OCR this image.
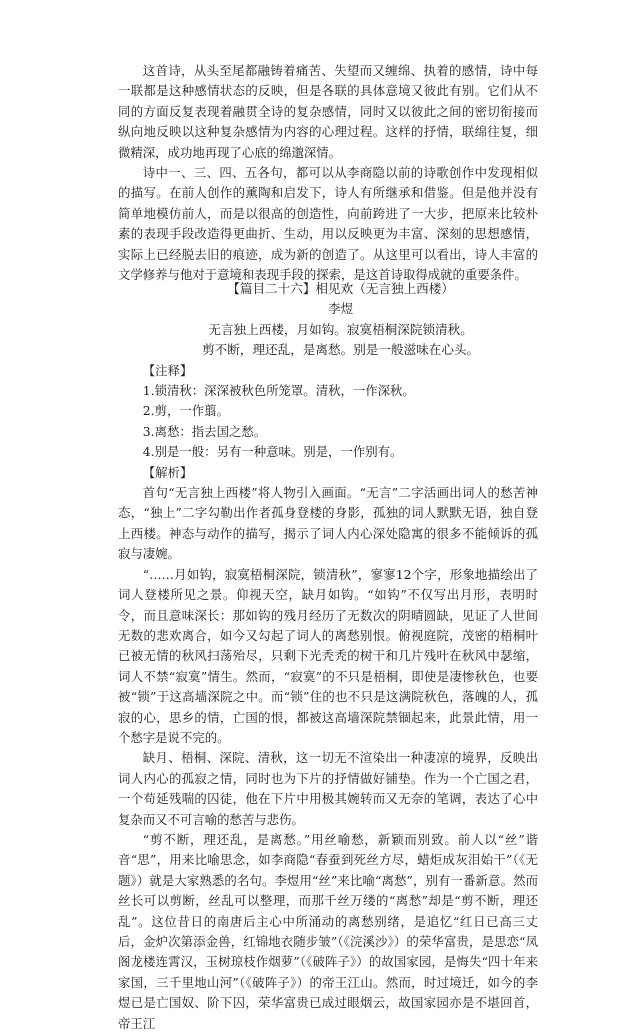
这首诗，从头至尾都融铸着痛苦、失望而又缠绵、执着的感情，诗中每一联都是这种感情状态的反映，但是各联的具体意境又彼此有别。它们从不同的方面反复表现着融贯全诗的复杂感情，同时又以彼此之间的密切衔接而纵向地反映以这种复杂感情为内容的心理过程。这样的抒情，联绵往复，细微精深，成功地再现了心底的绵邈深情。

诗中一、三、四、五各句，都可以从李商隐以前的诗歌创作中发现相似的描写。在前人创作的薰陶和启发下，诗人有所继承和借鉴。但是他并没有简单地模仿前人，而是以很高的创造性，向前跨进了一大步，把原来比较朴素的表现手段改造得更曲折、生动，用以反映更为丰富、深刻的思想感情，实际上已经脱去旧的痕迹，成为新的创造了。从这里可以看出，诗人丰富的文学修养与他对于意境和表现手段的探索，是这首诗取得成就的重要条件。

【篇目二十六】相见欢（无言独上西楼）

李煜

无言独上西楼，月如钩。寂寞梧桐深院锁清秋。

剪不断，理还乱，是离愁。别是一般滋味在心头。

【注释】

1.锁清秋：深深被秋色所笼罩。清秋，一作深秋。

2.剪，一作翦。

3.离愁：指去国之愁。

4.别是一般：另有一种意味。别是，一作别有。

【解析】

首句“无言独上西楼”将人物引入画面。“无言”二字活画出词人的愁苦神态，“独上”二字勾勒出作者孤身登楼的身影，孤独的词人默默无语，独自登上西楼。神态与动作的描写，揭示了词人内心深处隐寓的很多不能倾诉的孤寂与凄婉。

“……月如钩，寂寞梧桐深院，锁清秋”，寥寥12个字，形象地描绘出了词人登楼所见之景。仰视天空，缺月如钩。“如钩”不仅写出月形，表明时令，而且意味深长：那如钩的残月经历了无数次的阴晴圆缺，见证了人世间无数的悲欢离合，如今又勾起了词人的离愁别恨。俯视庭院，茂密的梧桐叶已被无情的秋风扫荡殆尽，只剩下光秃秃的树干和几片残叶在秋风中瑟缩，词人不禁“寂寞”情生。然而，“寂寞”的不只是梧桐，即使是凄惨秋色，也要被“锁”于这高墙深院之中。而“锁”住的也不只是这满院秋色，落魄的人，孤寂的心，思乡的情，亡国的恨，都被这高墙深院禁锢起来，此景此情，用一个愁字是说不完的。

缺月、梧桐、深院、清秋，这一切无不渲染出一种凄凉的境界，反映出词人内心的孤寂之情，同时也为下片的抒情做好铺垫。作为一个亡国之君，一个苟延残喘的囚徒，他在下片中用极其婉转而又无奈的笔调，表达了心中复杂而又不可言喻的愁苦与悲伤。

“剪不断，理还乱，是离愁。”用丝喻愁，新颖而别致。前人以“丝”谐音“思”，用来比喻思念，如李商隐“春蚕到死丝方尽，蜡炬成灰泪始干”（《无题》）就是大家熟悉的名句。李煜用“丝”来比喻“离愁”，别有一番新意。然而丝长可以剪断，丝乱可以整理，而那千丝万缕的“离愁”却是“剪不断，理还乱”。这位昔日的南唐后主心中所涌动的离愁别绪，是追忆“红日已高三丈后，金炉次第添金兽，红锦地衣随步皱”（《浣溪沙》）的荣华富贵，是思恋“凤阁龙楼连霄汉，玉树琼枝作烟萝”（《破阵子》）的故国家园，是悔失“四十年来家国，三千里地山河”（《破阵子》）的帝王江山。然而，时过境迁，如今的李煜已是亡国奴、阶下囚，荣华富贵已成过眼烟云，故国家园亦是不堪回首，帝王江
